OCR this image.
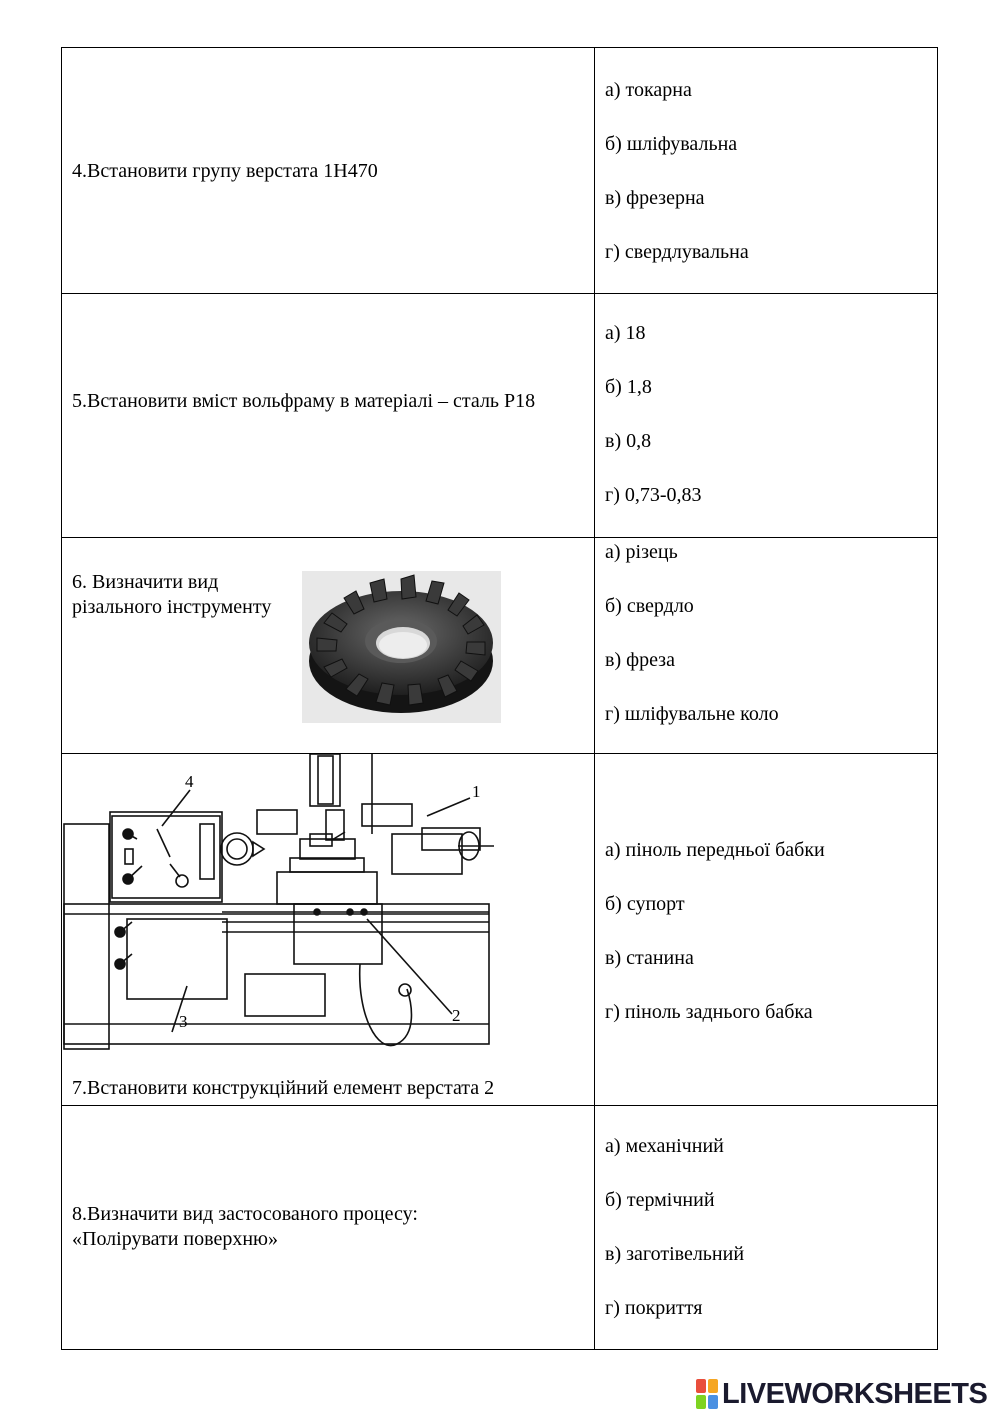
4.Встановити групу верстата 1Н470
а) токарна
б) шліфувальна
в) фрезерна
г) свердлувальна
5.Встановити вміст вольфраму в матеріалі – сталь Р18
а) 18
б) 1,8
в) 0,8
г) 0,73-0,83
6. Визначити вид різального інструменту
а) різець
б) свердло
в) фреза
г) шліфувальне коло
4
1
2
3
7.Встановити конструкційний елемент верстата 2
а) пiноль передньої бабки
б) супорт
в) станина
г) пiноль заднього бабка
8.Визначити вид застосованого процесу: «Полірувати поверхню»
а) механічний
б) термічний
в) заготівельний
г) покриття
LIVEWORKSHEETS
